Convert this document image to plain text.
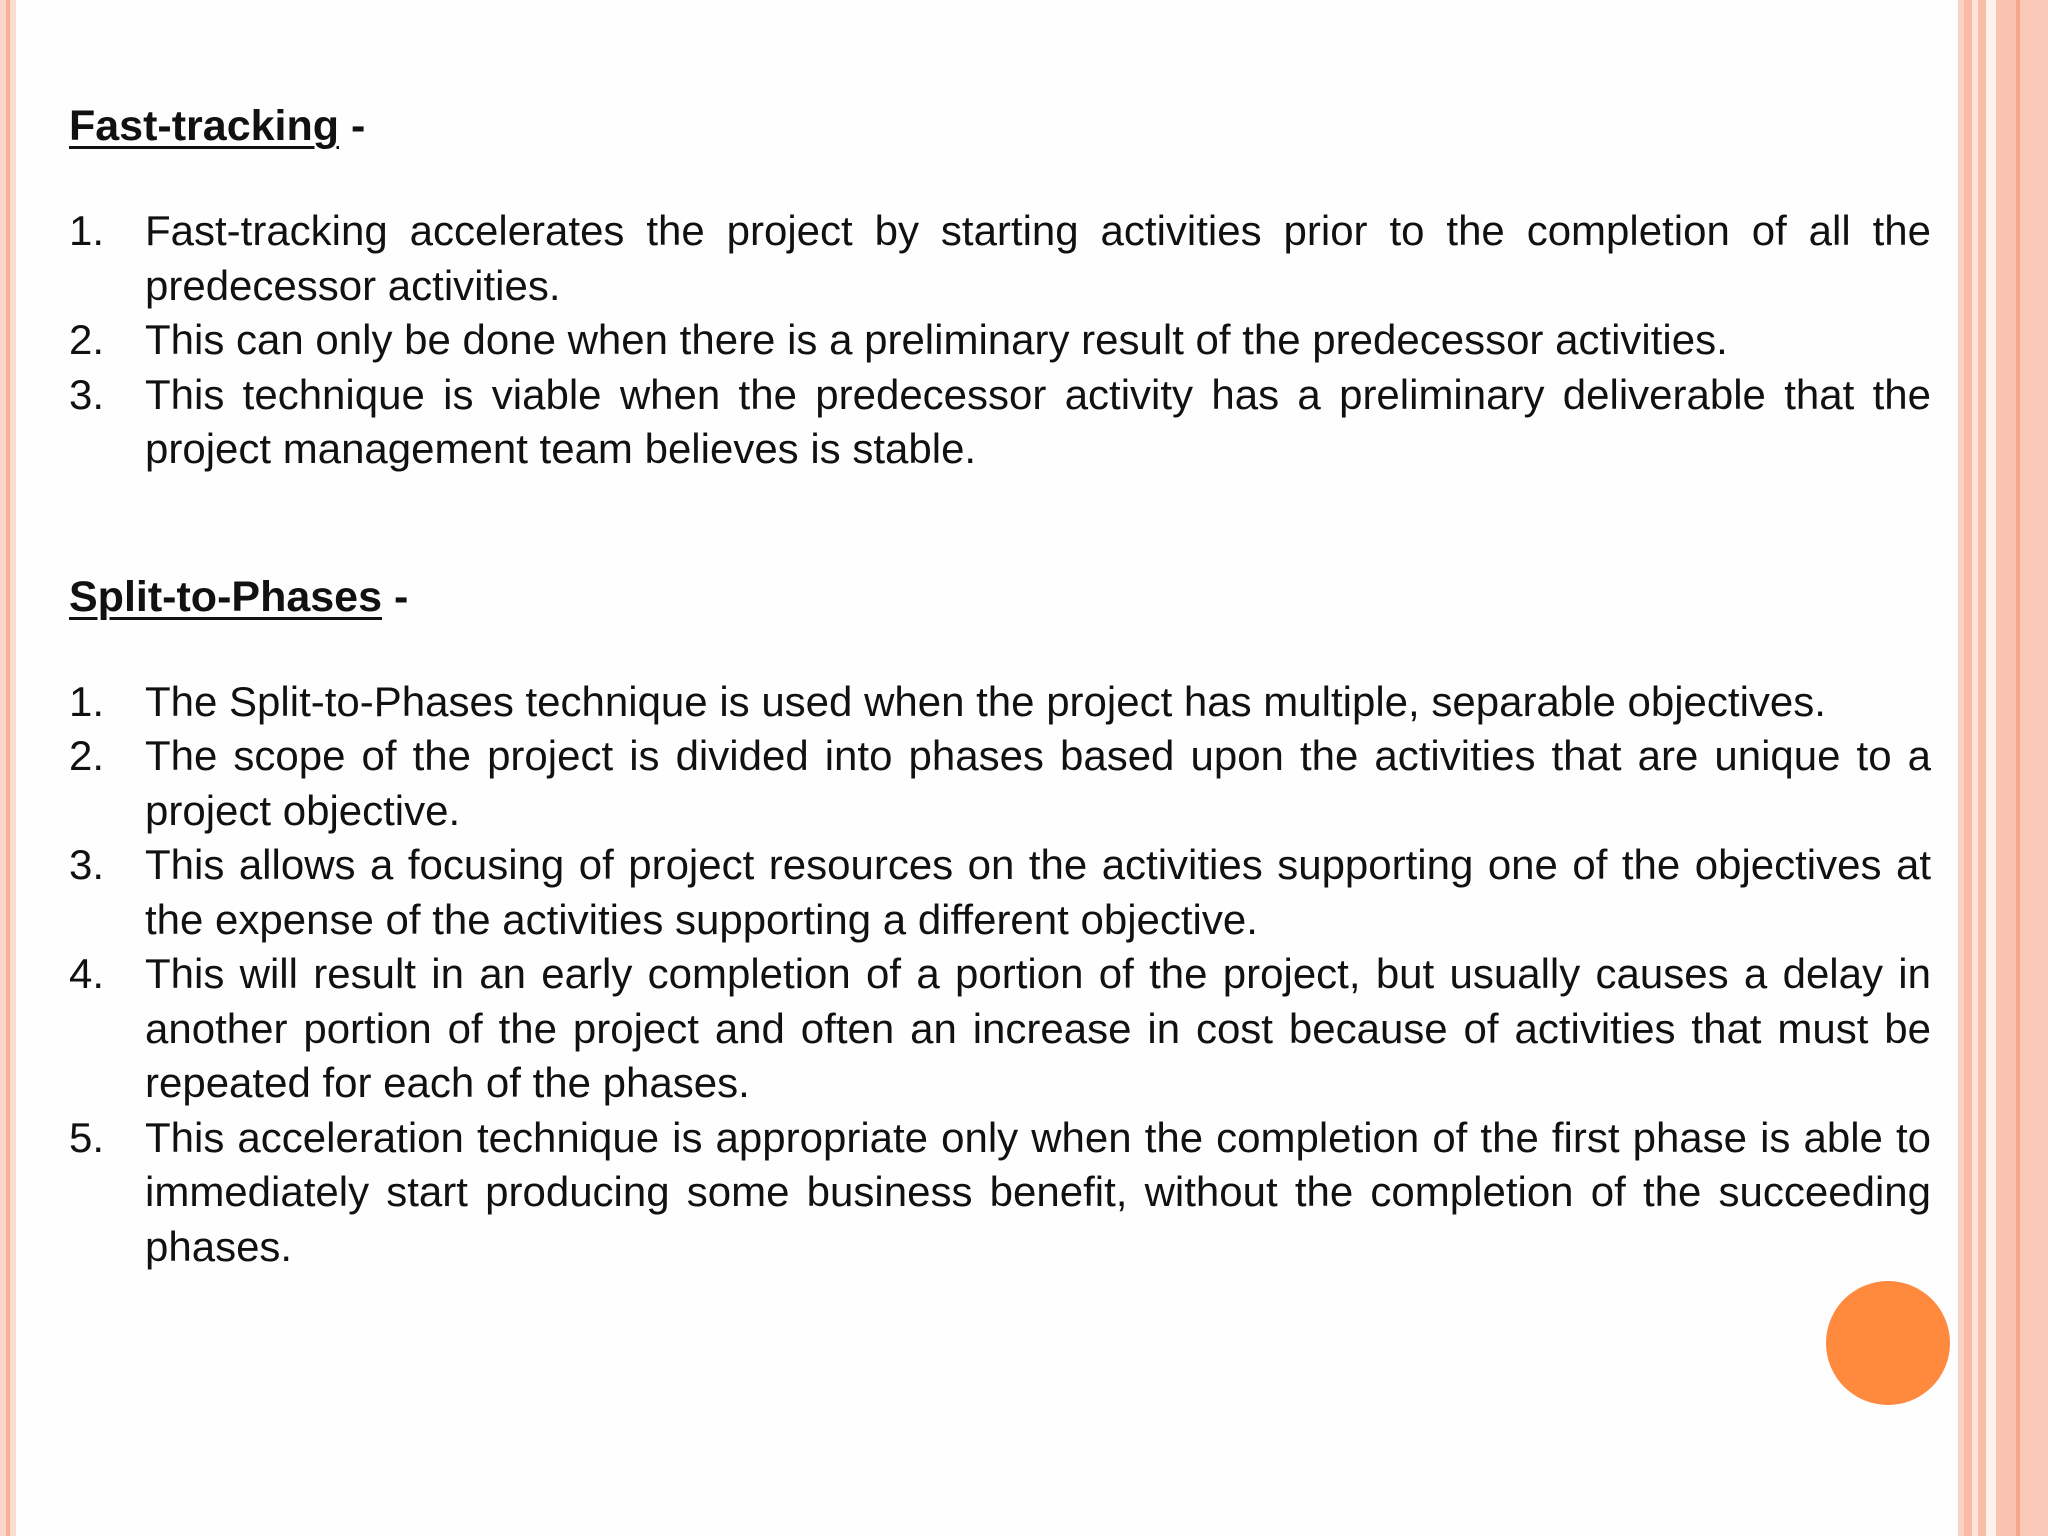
Fast-tracking -
1. Fast-tracking accelerates the project by starting activities prior to the completion of all the predecessor activities.
2. This can only be done when there is a preliminary result of the predecessor activities.
3. This technique is viable when the predecessor activity has a preliminary deliverable that the project management team believes is stable.
Split-to-Phases -
1. The Split-to-Phases technique is used when the project has multiple, separable objectives.
2. The scope of the project is divided into phases based upon the activities that are unique to a project objective.
3. This allows a focusing of project resources on the activities supporting one of the objectives at the expense of the activities supporting a different objective.
4. This will result in an early completion of a portion of the project, but usually causes a delay in another portion of the project and often an increase in cost because of activities that must be repeated for each of the phases.
5. This acceleration technique is appropriate only when the completion of the first phase is able to immediately start producing some business benefit, without the completion of the succeeding phases.
